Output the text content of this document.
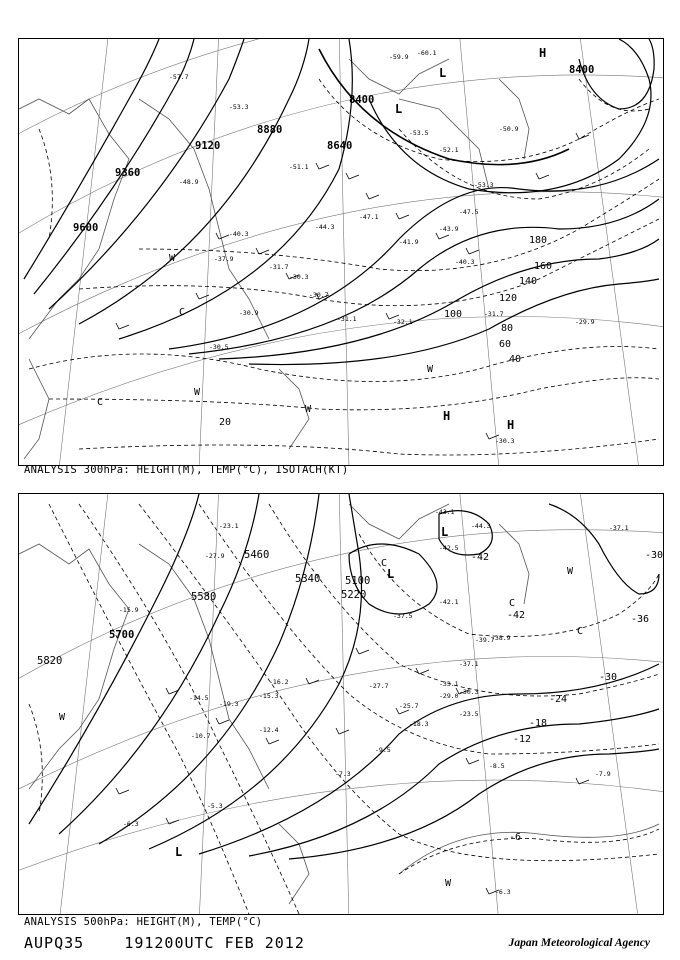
9600
9360
9120
8880
8640
8400
8400
20
40
60
80
100
120
140
160
180
L
L
H
H
H
W
W
W
W
C
C
-57.7
-53.3
-48.9
-51.1
-44.3
-40.3
-37.9
-31.7
-32.1
-30.3
-31.7
-29.9
-30.7
-30.9
-31.1
-30.5
-30.3
-60.1
-59.9
-53.5
-52.1
-50.9
-53.3
-47.5
-41.9
-43.9
-47.1
-40.3
ANALYSIS 300hPa: HEIGHT(M), TEMP(°C), ISOTACH(KT)
5820
5700
5580
5460
5340
5220
5100
-42
-42	-36
-30
-30
-24
-18
-12
-6
L
L
L
C
C
C
W
W
W
-43.1
-44.3
-42.5
-37.1
-42.1
-37.5
-39.7
-38.9
-37.1
-33.1
-30.3
-29.0
-27.7
-25.7
-23.5
-18.3
-16.2
-15.3
-12.4
-10.7
-9.5
-8.5
-7.3	-7.9
-6.3
-5.3
-14.5
-19.3
-23.1
-27.9
-15.9
-6.3
ANALYSIS 500hPa: HEIGHT(M), TEMP(°C)
AUPQ35	191200UTC FEB 2012	Japan Meteorological Agency
